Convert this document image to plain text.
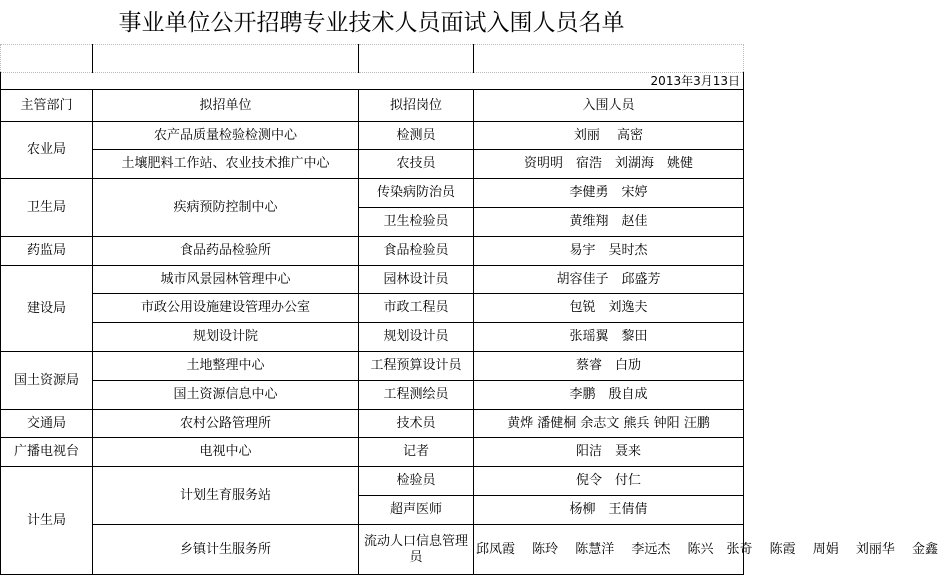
事业单位公开招聘专业技术人员面试入围人员名单

2013年3月13日			
主管部门	拟招单位	拟招岗位	入围人员
农业局	农产品质量检验检测中心	检测员	刘丽　 高密
	土壤肥料工作站、农业技术推广中心	农技员	资明明　宿浩　刘湖海　姚健
卫生局	疾病预防控制中心	传染病防治员	李健勇　宋婷
		卫生检验员	黄维翔　赵佳
药监局	食品药品检验所	食品检验员	易宇　吴时杰
建设局	城市风景园林管理中心	园林设计员	胡容佳子　邱盛芳
	市政公用设施建设管理办公室	市政工程员	包锐　刘逸夫
	规划设计院	规划设计员	张瑶翼　黎田
国土资源局	土地整理中心	工程预算设计员	蔡睿　白劢
	国土资源信息中心	工程测绘员	李鹏　殷自成
交通局	农村公路管理所	技术员	黄烨 潘健桐 余志文 熊兵 钟阳 汪鹏
广播电视台	电视中心	记者	阳洁　聂来
计生局	计划生育服务站	检验员	倪令　付仁
		超声医师	杨柳　王倩倩
	乡镇计生服务所	流动人口信息管理员	邱凤霞　 陈玲　 陈慧洋　 李远杰　 陈兴　张奇　 陈霞　 周娟　 刘丽华　 金鑫
